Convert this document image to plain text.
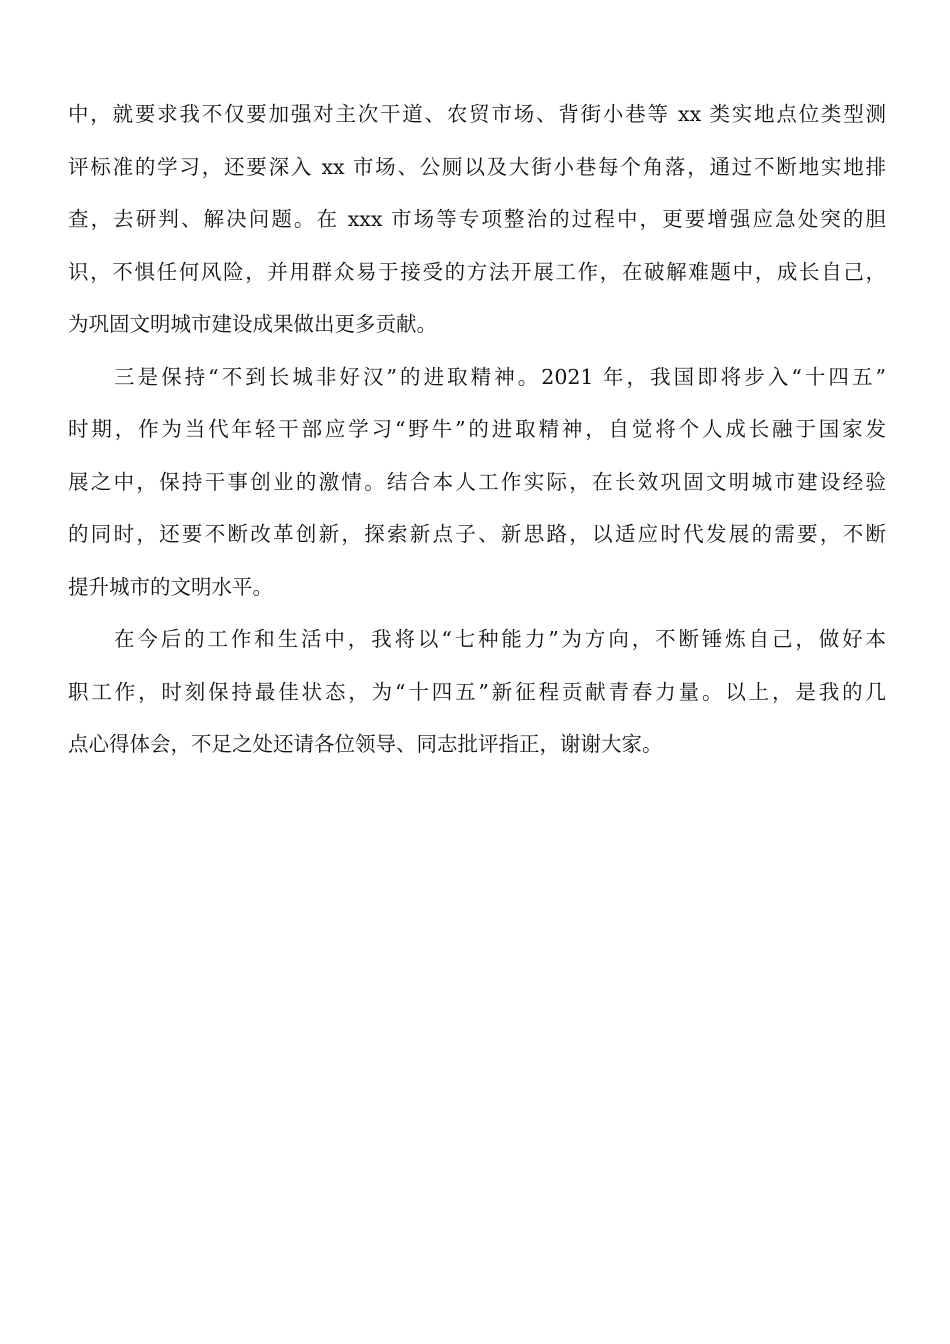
中，就要求我不仅要加强对主次干道、农贸市场、背街小巷等 xx 类实地点位类型测
评标准的学习，还要深入 xx 市场、公厕以及大街小巷每个角落，通过不断地实地排
查，去研判、解决问题。在 xxx 市场等专项整治的过程中，更要增强应急处突的胆
识，不惧任何风险，并用群众易于接受的方法开展工作，在破解难题中，成长自己，
为巩固文明城市建设成果做出更多贡献。
三是保持“不到长城非好汉”的进取精神。2021 年，我国即将步入“十四五”
时期，作为当代年轻干部应学习“野牛”的进取精神，自觉将个人成长融于国家发
展之中，保持干事创业的激情。结合本人工作实际，在长效巩固文明城市建设经验
的同时，还要不断改革创新，探索新点子、新思路，以适应时代发展的需要，不断
提升城市的文明水平。
在今后的工作和生活中，我将以“七种能力”为方向，不断锤炼自己，做好本
职工作，时刻保持最佳状态，为“十四五”新征程贡献青春力量。以上，是我的几
点心得体会，不足之处还请各位领导、同志批评指正，谢谢大家。
